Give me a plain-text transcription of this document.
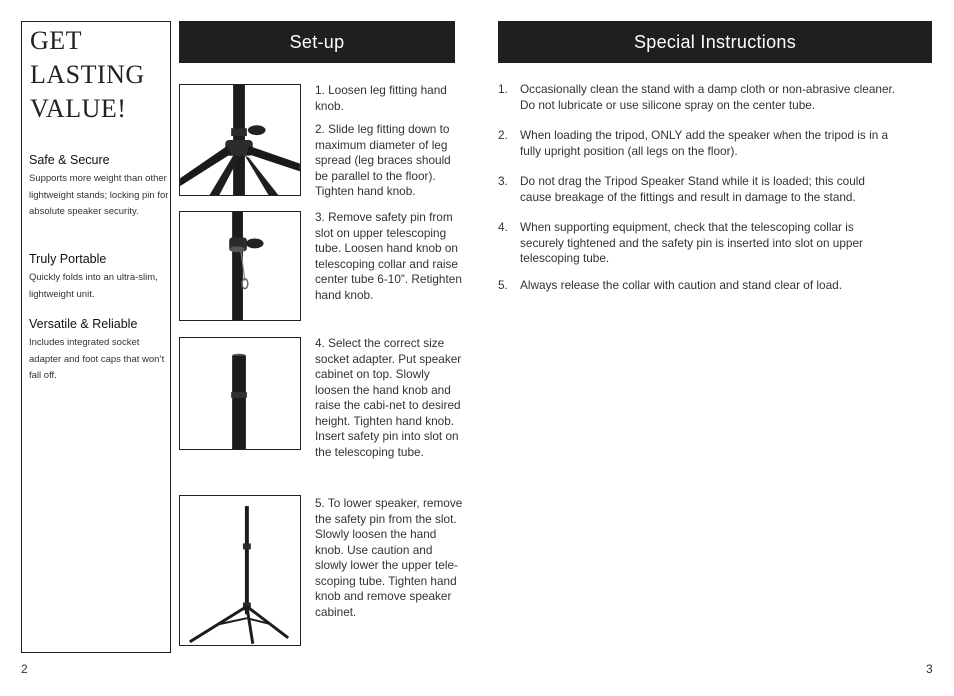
GET
LASTING
VALUE!
Safe & Secure

Supports more weight than other lightweight stands; locking pin for absolute speaker security.

Truly Portable

Quickly folds into an ultra-slim, lightweight unit.

Versatile & Reliable

Includes integrated socket adapter and foot caps that won’t fall off.

Set-up

1. Loosen leg fitting hand knob.

2. Slide leg fitting down to maximum diameter of leg spread (leg braces should be parallel to the floor). Tighten hand knob.

3. Remove safety pin from slot on upper telescoping tube. Loosen hand knob on telescoping collar and raise center tube 6-10”. Retighten hand knob.

4. Select the correct size socket adapter. Put speaker cabinet on top. Slowly loosen the hand knob and raise the cabi-net to desired height. Tighten hand knob. Insert safety pin into slot on the telescoping tube.

5. To lower speaker, remove the safety pin from the slot. Slowly loosen the hand knob. Use caution and slowly lower the upper tele-scoping tube. Tighten hand knob and remove speaker cabinet.

Special Instructions
1. Occasionally clean the stand with a damp cloth or non-abrasive cleaner. Do not lubricate or use silicone spray on the center tube.
2. When loading the tripod, ONLY add the speaker when the tripod is in a fully upright position (all legs on the floor).
3. Do not drag the Tripod Speaker Stand while it is loaded; this could cause breakage of the fittings and result in damage to the stand.
4. When supporting equipment, check that the telescoping collar is securely tightened and the safety pin is inserted into slot on upper telescoping tube.
5. Always release the collar with caution and stand clear of load.
2	3
